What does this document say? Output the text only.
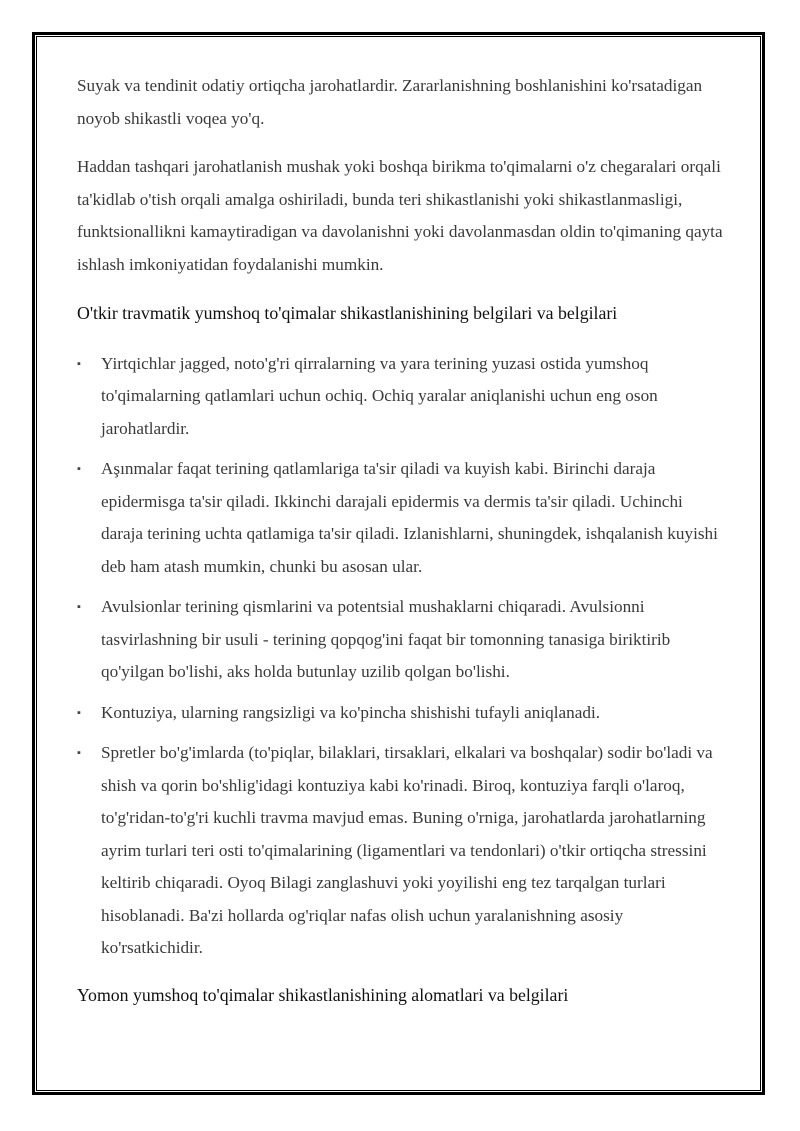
Suyak va tendinit odatiy ortiqcha jarohatlardir. Zararlanishning boshlanishini ko'rsatadigan noyob shikastli voqea yo'q.

Haddan tashqari jarohatlanish mushak yoki boshqa birikma to'qimalarni o'z chegaralari orqali ta'kidlab o'tish orqali amalga oshiriladi, bunda teri shikastlanishi yoki shikastlanmasligi, funktsionallikni kamaytiradigan va davolanishni yoki davolanmasdan oldin to'qimaning qayta ishlash imkoniyatidan foydalanishi mumkin.

O'tkir travmatik yumshoq to'qimalar shikastlanishining belgilari va belgilari

▪ Yirtqichlar jagged, noto'g'ri qirralarning va yara terining yuzasi ostida yumshoq to'qimalarning qatlamlari uchun ochiq. Ochiq yaralar aniqlanishi uchun eng oson jarohatlardir.
▪ Aşınmalar faqat terining qatlamlariga ta'sir qiladi va kuyish kabi. Birinchi daraja epidermisga ta'sir qiladi. Ikkinchi darajali epidermis va dermis ta'sir qiladi. Uchinchi daraja terining uchta qatlamiga ta'sir qiladi. Izlanishlarni, shuningdek, ishqalanish kuyishi deb ham atash mumkin, chunki bu asosan ular.
▪ Avulsionlar terining qismlarini va potentsial mushaklarni chiqaradi. Avulsionni tasvirlashning bir usuli - terining qopqog'ini faqat bir tomonning tanasiga biriktirib qo'yilgan bo'lishi, aks holda butunlay uzilib qolgan bo'lishi.
▪ Kontuziya, ularning rangsizligi va ko'pincha shishishi tufayli aniqlanadi.
▪ Spretler bo'g'imlarda (to'piqlar, bilaklari, tirsaklari, elkalari va boshqalar) sodir bo'ladi va shish va qorin bo'shlig'idagi kontuziya kabi ko'rinadi. Biroq, kontuziya farqli o'laroq, to'g'ridan-to'g'ri kuchli travma mavjud emas. Buning o'rniga, jarohatlarda jarohatlarning ayrim turlari teri osti to'qimalarining (ligamentlari va tendonlari) o'tkir ortiqcha stressini keltirib chiqaradi. Oyoq Bilagi zanglashuvi yoki yoyilishi eng tez tarqalgan turlari hisoblanadi. Ba'zi hollarda og'riqlar nafas olish uchun yaralanishning asosiy ko'rsatkichidir.

Yomon yumshoq to'qimalar shikastlanishining alomatlari va belgilari
